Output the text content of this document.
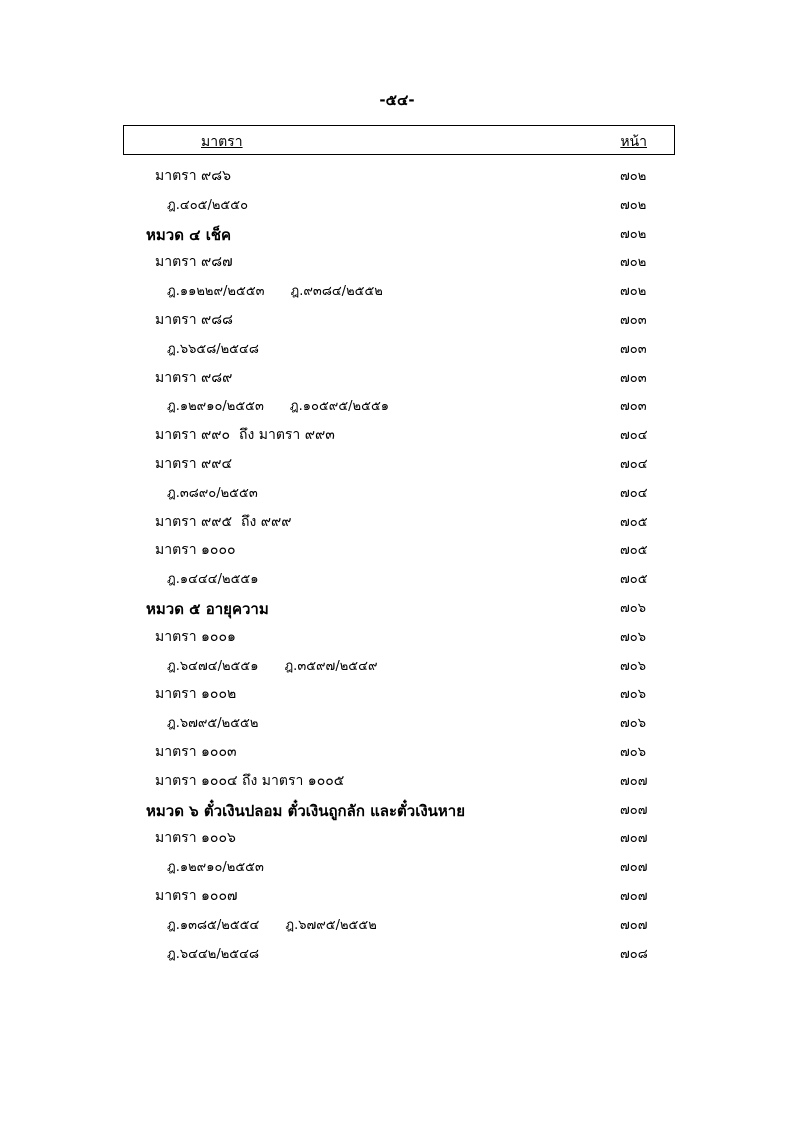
-๕๔-
มาตรา	หน้า
มาตรา ๙๘๖	๗๐๒
ฎ.๔๐๕/๒๕๕๐	๗๐๒
หมวด ๔ เช็ค	๗๐๒
มาตรา ๙๘๗	๗๐๒
ฎ.๑๑๒๒๙/๒๕๕๓ ฎ.๙๓๘๔/๒๕๕๒	๗๐๒
มาตรา ๙๘๘	๗๐๓
ฎ.๖๖๕๘/๒๕๔๘	๗๐๓
มาตรา ๙๘๙	๗๐๓
ฎ.๑๒๙๑๐/๒๕๕๓ ฎ.๑๐๕๙๕/๒๕๕๑	๗๐๓
มาตรา ๙๙๐  ถึง มาตรา ๙๙๓	๗๐๔
มาตรา ๙๙๔	๗๐๔
ฎ.๓๘๙๐/๒๕๕๓	๗๐๔
มาตรา ๙๙๕  ถึง ๙๙๙	๗๐๕
มาตรา ๑๐๐๐	๗๐๕
ฎ.๑๔๔๔/๒๕๕๑	๗๐๕
หมวด ๕ อายุความ	๗๐๖
มาตรา ๑๐๐๑	๗๐๖
ฎ.๖๔๗๔/๒๕๕๑ ฎ.๓๕๙๗/๒๕๔๙	๗๐๖
มาตรา ๑๐๐๒	๗๐๖
ฎ.๖๗๙๕/๒๕๕๒	๗๐๖
มาตรา ๑๐๐๓	๗๐๖
มาตรา ๑๐๐๔ ถึง มาตรา ๑๐๐๕	๗๐๗
หมวด ๖ ตั๋วเงินปลอม ตั๋วเงินถูกลัก และตั๋วเงินหาย	๗๐๗
มาตรา ๑๐๐๖	๗๐๗
ฎ.๑๒๙๑๐/๒๕๕๓	๗๐๗
มาตรา ๑๐๐๗	๗๐๗
ฎ.๑๓๘๕/๒๕๕๔ ฎ.๖๗๙๕/๒๕๕๒	๗๐๗
ฎ.๖๔๔๒/๒๕๔๘	๗๐๘
